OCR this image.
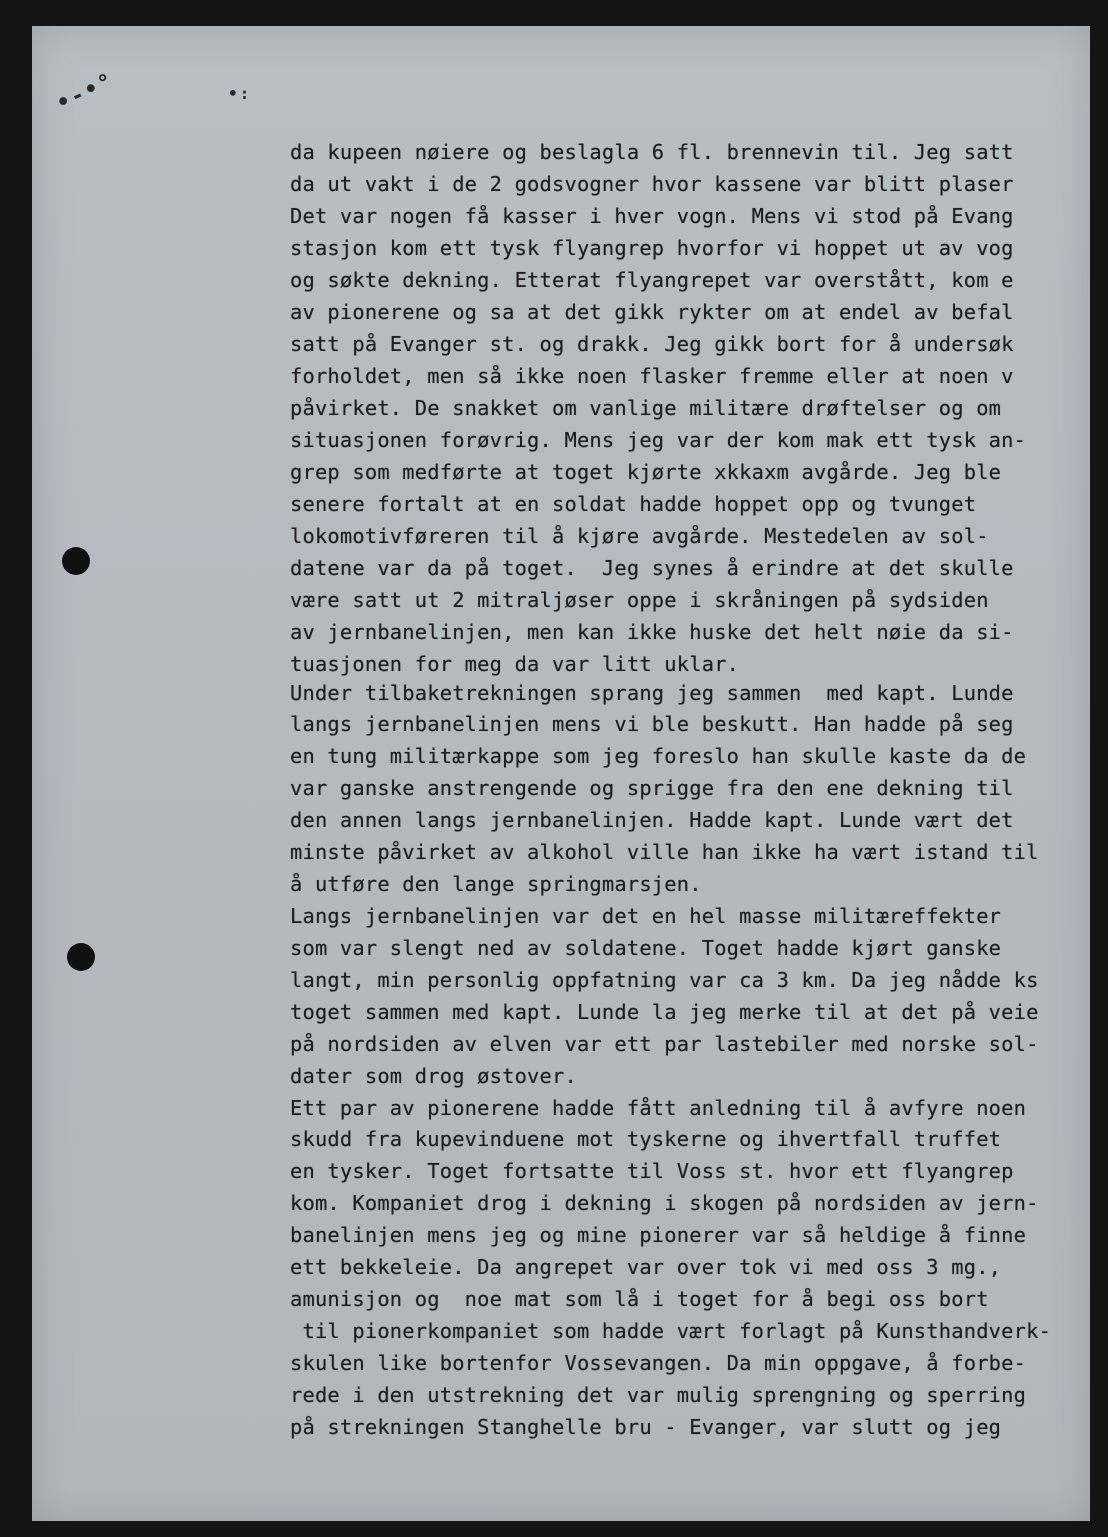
•-•°	•:
da kupeen nøiere og beslagla 6 fl. brennevin til. Jeg satt
da ut vakt i de 2 godsvogner hvor kassene var blitt plaser
Det var nogen få kasser i hver vogn. Mens vi stod på Evang
stasjon kom ett tysk flyangrep hvorfor vi hoppet ut av vog
og søkte dekning. Etterat flyangrepet var overstått, kom e
av pionerene og sa at det gikk rykter om at endel av befal
satt på Evanger st. og drakk. Jeg gikk bort for å undersøk
forholdet, men så ikke noen flasker fremme eller at noen v
påvirket. De snakket om vanlige militære drøftelser og om
situasjonen forøvrig. Mens jeg var der kom mak ett tysk an-
grep som medførte at toget kjørte xkkaxm avgårde. Jeg ble
senere fortalt at en soldat hadde hoppet opp og tvunget
lokomotivføreren til å kjøre avgårde. Mestedelen av sol-
datene var da på toget.  Jeg synes å erindre at det skulle
være satt ut 2 mitraljøser oppe i skråningen på sydsiden
av jernbanelinjen, men kan ikke huske det helt nøie da si-
tuasjonen for meg da var litt uklar.
Under tilbaketrekningen sprang jeg sammen  med kapt. Lunde
langs jernbanelinjen mens vi ble beskutt. Han hadde på seg
en tung militærkappe som jeg foreslo han skulle kaste da de
var ganske anstrengende og sprigge fra den ene dekning til
den annen langs jernbanelinjen. Hadde kapt. Lunde vært det
minste påvirket av alkohol ville han ikke ha vært istand til
å utføre den lange springmarsjen.
Langs jernbanelinjen var det en hel masse militæreffekter
som var slengt ned av soldatene. Toget hadde kjørt ganske
langt, min personlig oppfatning var ca 3 km. Da jeg nådde ks
toget sammen med kapt. Lunde la jeg merke til at det på veie
på nordsiden av elven var ett par lastebiler med norske sol-
dater som drog østover.
Ett par av pionerene hadde fått anledning til å avfyre noen
skudd fra kupevinduene mot tyskerne og ihvertfall truffet
en tysker. Toget fortsatte til Voss st. hvor ett flyangrep
kom. Kompaniet drog i dekning i skogen på nordsiden av jern-
banelinjen mens jeg og mine pionerer var så heldige å finne
ett bekkeleie. Da angrepet var over tok vi med oss 3 mg.,
amunisjon og  noe mat som lå i toget for å begi oss bort
til pionerkompaniet som hadde vært forlagt på Kunsthandverk-
skulen like bortenfor Vossevangen. Da min oppgave, å forbe-
rede i den utstrekning det var mulig sprengning og sperring
på strekningen Stanghelle bru - Evanger, var slutt og jeg
